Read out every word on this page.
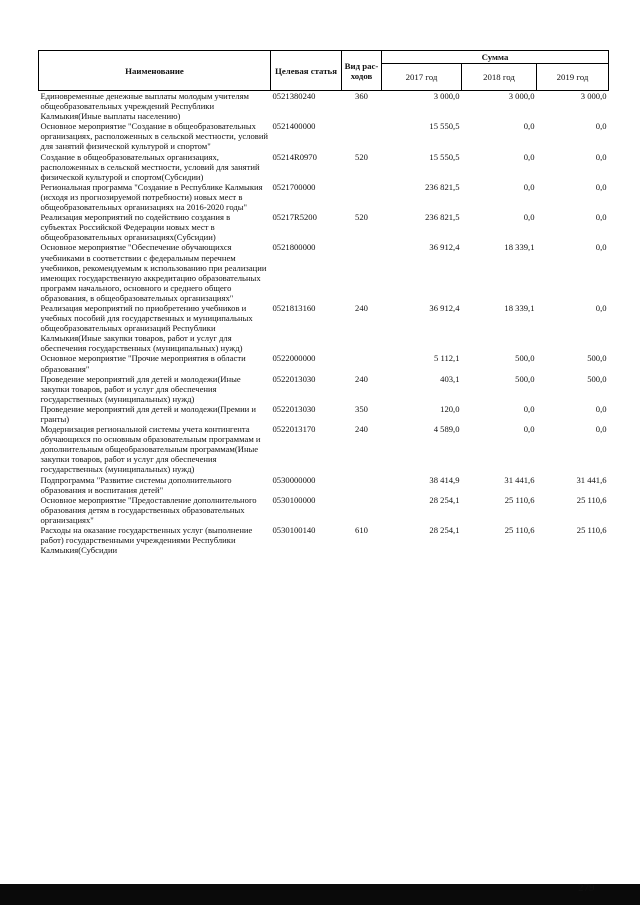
Наименование	Целевая статья	Вид рас-ходов	Сумма		
			2017 год	2018 год	2019 год
Единовременные денежные выплаты молодым учителям общеобразовательных учреждений Республики Калмыкия(Иные выплаты населению)	0521380240	360	3 000,0	3 000,0	3 000,0
Основное мероприятие "Создание в общеобразовательных организациях, расположенных в сельской местности, условий для занятий физической культурой и спортом"	0521400000		15 550,5	0,0	0,0
Создание в общеобразовательных организациях, расположенных в сельской местности, условий для занятий физической культурой и спортом(Субсидии)	05214R0970	520	15 550,5	0,0	0,0
Региональная программа "Создание в Республике Калмыкия (исходя из прогнозируемой потребности) новых мест в общеобразовательных организациях на 2016-2020 годы"	0521700000		236 821,5	0,0	0,0
Реализация мероприятий по содействию создания в субъектах Российской Федерации новых мест в общеобразовательных организациях(Субсидии)	05217R5200	520	236 821,5	0,0	0,0
Основное мероприятие "Обеспечение обучающихся учебниками в соответствии с федеральным перечнем учебников, рекомендуемым к использованию при реализации имеющих государственную аккредитацию образовательных программ начального, основного и среднего общего образования, в общеобразовательных организациях"	0521800000		36 912,4	18 339,1	0,0
Реализация мероприятий по приобретению учебников и учебных пособий для государственных и муниципальных общеобразовательных организаций Республики Калмыкия(Иные закупки товаров, работ и услуг для обеспечения государственных (муниципальных) нужд)	0521813160	240	36 912,4	18 339,1	0,0
Основное мероприятие "Прочие мероприятия в области образования"	0522000000		5 112,1	500,0	500,0
Проведение мероприятий для детей и молодежи(Иные закупки товаров, работ и услуг для обеспечения государственных (муниципальных) нужд)	0522013030	240	403,1	500,0	500,0
Проведение мероприятий для детей и молодежи(Премии и гранты)	0522013030	350	120,0	0,0	0,0
Модернизация региональной системы учета контингента обучающихся по основным образовательным программам и дополнительным общеобразовательным программам(Иные закупки товаров, работ и услуг для обеспечения государственных (муниципальных) нужд)	0522013170	240	4 589,0	0,0	0,0
Подпрограмма "Развитие системы дополнительного образования и воспитания детей"	0530000000		38 414,9	31 441,6	31 441,6
Основное мероприятие "Предоставление дополнительного образования детям в государственных образовательных организациях"	0530100000		28 254,1	25 110,6	25 110,6
Расходы на оказание государственных услуг (выполнение работ) государственными учреждениями Республики Калмыкия(Субсидии	0530100140	610	28 254,1	25 110,6	25 110,6
279
